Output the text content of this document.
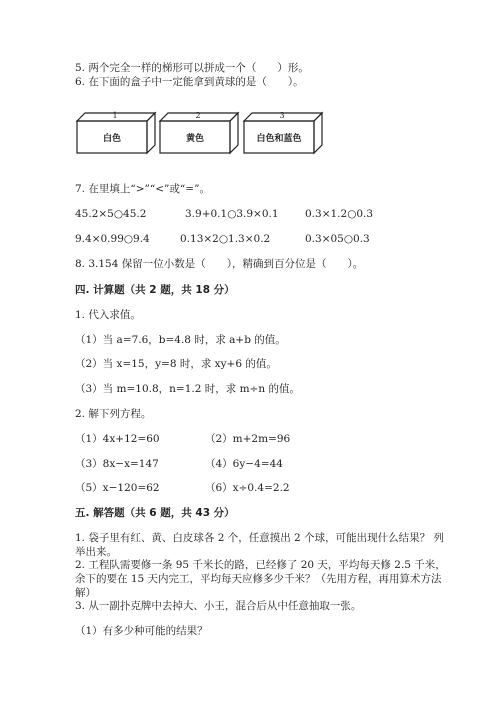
5. 两个完全一样的梯形可以拼成一个（　　）形。
6. 在下面的盒子中一定能拿到黄球的是（　　）。
1
白色
2
黄色
3
白色和蓝色
7. 在里填上“>”“<”或“=”。
45.2×5○45.2	3.9+0.1○3.9×0.1	0.3×1.2○0.3
9.4×0.99○9.4	0.13×2○1.3×0.2	0.3×05○0.3
8. 3.154 保留一位小数是（　　），精确到百分位是（　　）。
四. 计算题（共 2 题，共 18 分）
1. 代入求值。
（1）当 a=7.6，b=4.8 时，求 a+b 的值。
（2）当 x=15，y=8 时，求 xy+6 的值。
（3）当 m=10.8，n=1.2 时，求 m÷n 的值。
2. 解下列方程。
（1）4x+12=60	（2）m+2m=96
（3）8x−x=147	（4）6y−4=44
（5）x−120=62	（6）x÷0.4=2.2
五. 解答题（共 6 题，共 43 分）
1. 袋子里有红、黄、白皮球各 2 个，任意摸出 2 个球，可能出现什么结果？ 列
举出来。
2. 工程队需要修一条 95 千米长的路，已经修了 20 天，平均每天修 2.5 千米，
余下的要在 15 天内完工，平均每天应修多少千米？（先用方程，再用算术方法
解）
3. 从一副扑克牌中去掉大、小王，混合后从中任意抽取一张。
（1）有多少种可能的结果？
